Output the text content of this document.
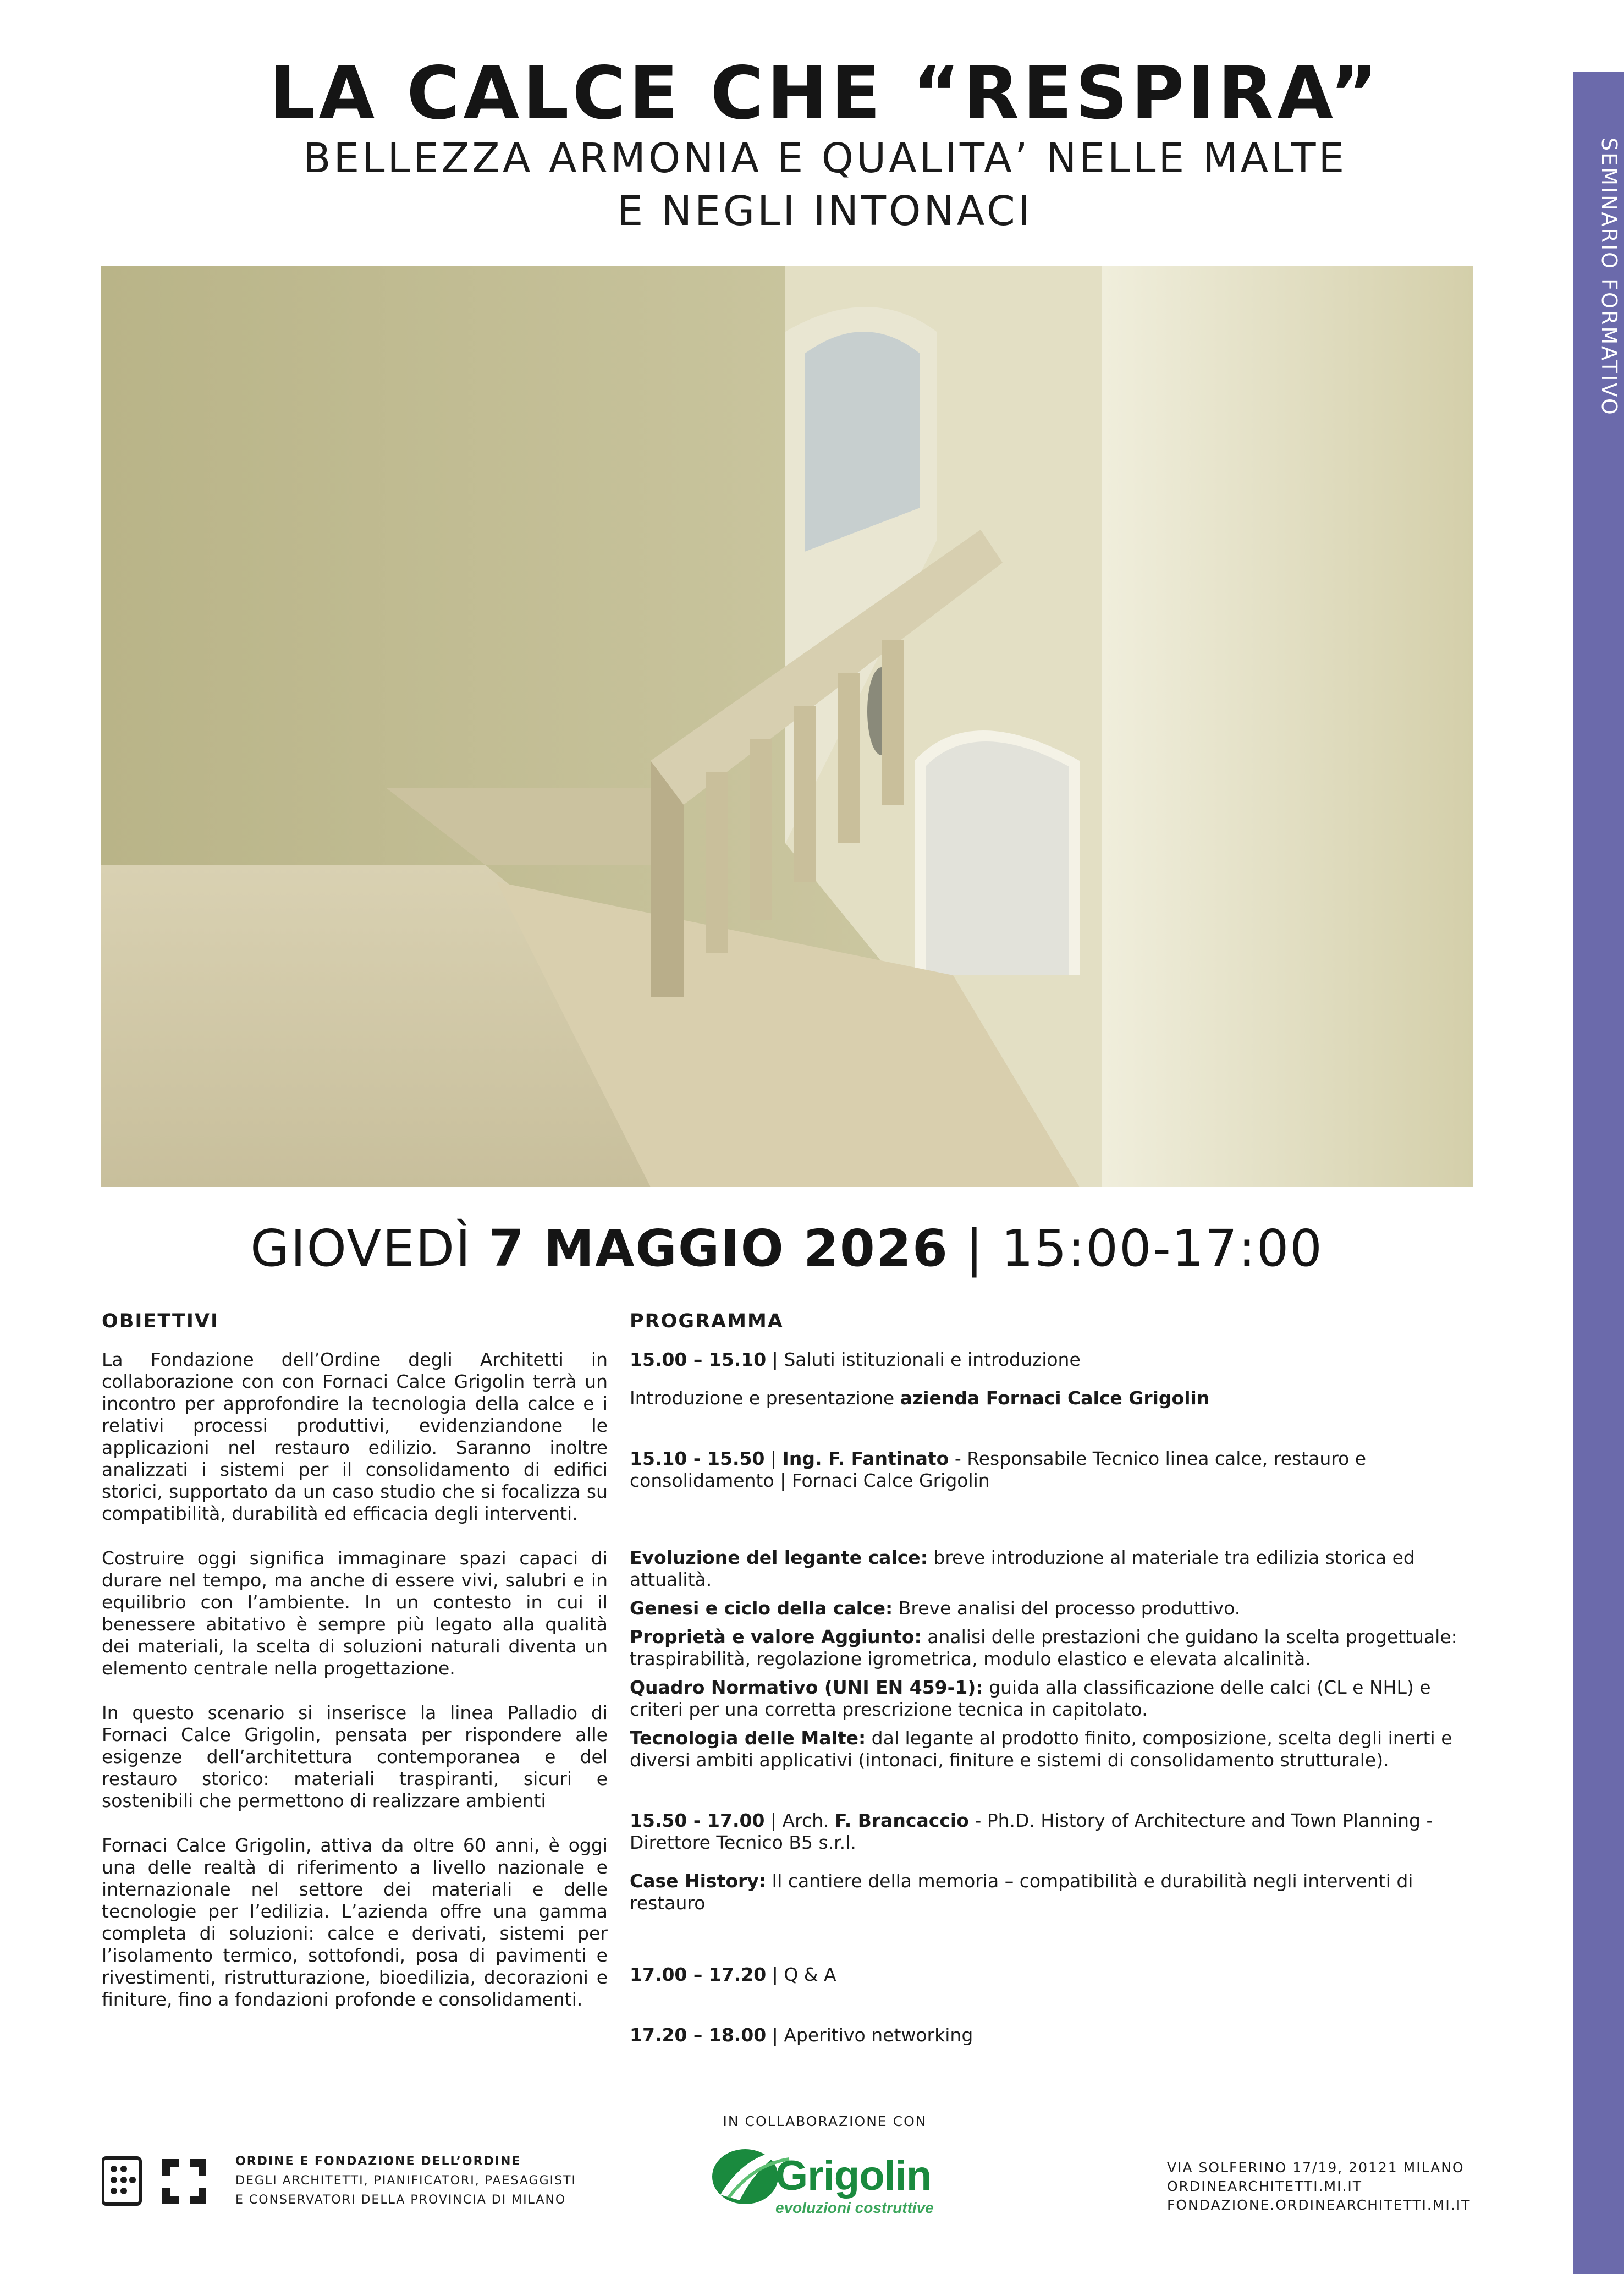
SEMINARIO FORMATIVO
LA CALCE CHE “RESPIRA”
BELLEZZA ARMONIA E QUALITA’ NELLE MALTE
E NEGLI INTONACI
GIOVEDÌ 7 MAGGIO 2026 | 15:00-17:00
OBIETTIVI	PROGRAMMA

La Fondazione dell’Ordine degli Architetti in collaborazione con con Fornaci Calce Grigolin terrà un incontro per approfondire la tecnologia della calce e i relativi processi produttivi, evidenziandone le applicazioni nel restauro edilizio. Saranno inoltre analizzati i sistemi per il consolidamento di edifici storici, supportato da un caso studio che si focalizza su compatibilità, durabilità ed efficacia degli interventi.

Costruire oggi significa immaginare spazi capaci di durare nel tempo, ma anche di essere vivi, salubri e in equilibrio con l’ambiente. In un contesto in cui il benessere abitativo è sempre più legato alla qualità dei materiali, la scelta di soluzioni naturali diventa un elemento centrale nella progettazione.

In questo scenario si inserisce la linea Palladio di Fornaci Calce Grigolin, pensata per rispondere alle esigenze dell’architettura contemporanea e del restauro storico: materiali traspiranti, sicuri e sostenibili che permettono di realizzare ambienti

Fornaci Calce Grigolin, attiva da oltre 60 anni, è oggi una delle realtà di riferimento a livello nazionale e internazionale nel settore dei materiali e delle tecnologie per l’edilizia. L’azienda offre una gamma completa di soluzioni: calce e derivati, sistemi per l’isolamento termico, sottofondi, posa di pavimenti e rivestimenti, ristrutturazione, bioedilizia, decorazioni e finiture, fino a fondazioni profonde e consolidamenti.

15.00 – 15.10 | Saluti istituzionali e introduzione

Introduzione e presentazione azienda Fornaci Calce Grigolin

15.10 - 15.50 | Ing. F. Fantinato - Responsabile Tecnico linea calce, restauro e consolidamento | Fornaci Calce Grigolin

Evoluzione del legante calce: breve introduzione al materiale tra edilizia storica ed attualità.

Genesi e ciclo della calce: Breve analisi del processo produttivo.

Proprietà e valore Aggiunto: analisi delle prestazioni che guidano la scelta progettuale: traspirabilità, regolazione igrometrica, modulo elastico e elevata alcalinità.

Quadro Normativo (UNI EN 459-1): guida alla classificazione delle calci (CL e NHL) e criteri per una corretta prescrizione tecnica in capitolato.

Tecnologia delle Malte: dal legante al prodotto finito, composizione, scelta degli inerti e diversi ambiti applicativi (intonaci, finiture e sistemi di consolidamento strutturale).

15.50 - 17.00 | Arch. F. Brancaccio - Ph.D. History of Architecture and Town Planning - Direttore Tecnico B5 s.r.l.

Case History: Il cantiere della memoria – compatibilità e durabilità negli interventi di restauro

17.00 – 17.20 | Q & A

17.20 – 18.00 | Aperitivo networking

IN COLLABORAZIONE CON
ORDINE E FONDAZIONE DELL’ORDINE
DEGLI ARCHITETTI, PIANIFICATORI, PAESAGGISTI
E CONSERVATORI DELLA PROVINCIA DI MILANO
Grigolin
evoluzioni costruttive
VIA SOLFERINO 17/19, 20121 MILANO
ORDINEARCHITETTI.MI.IT
FONDAZIONE.ORDINEARCHITETTI.MI.IT
